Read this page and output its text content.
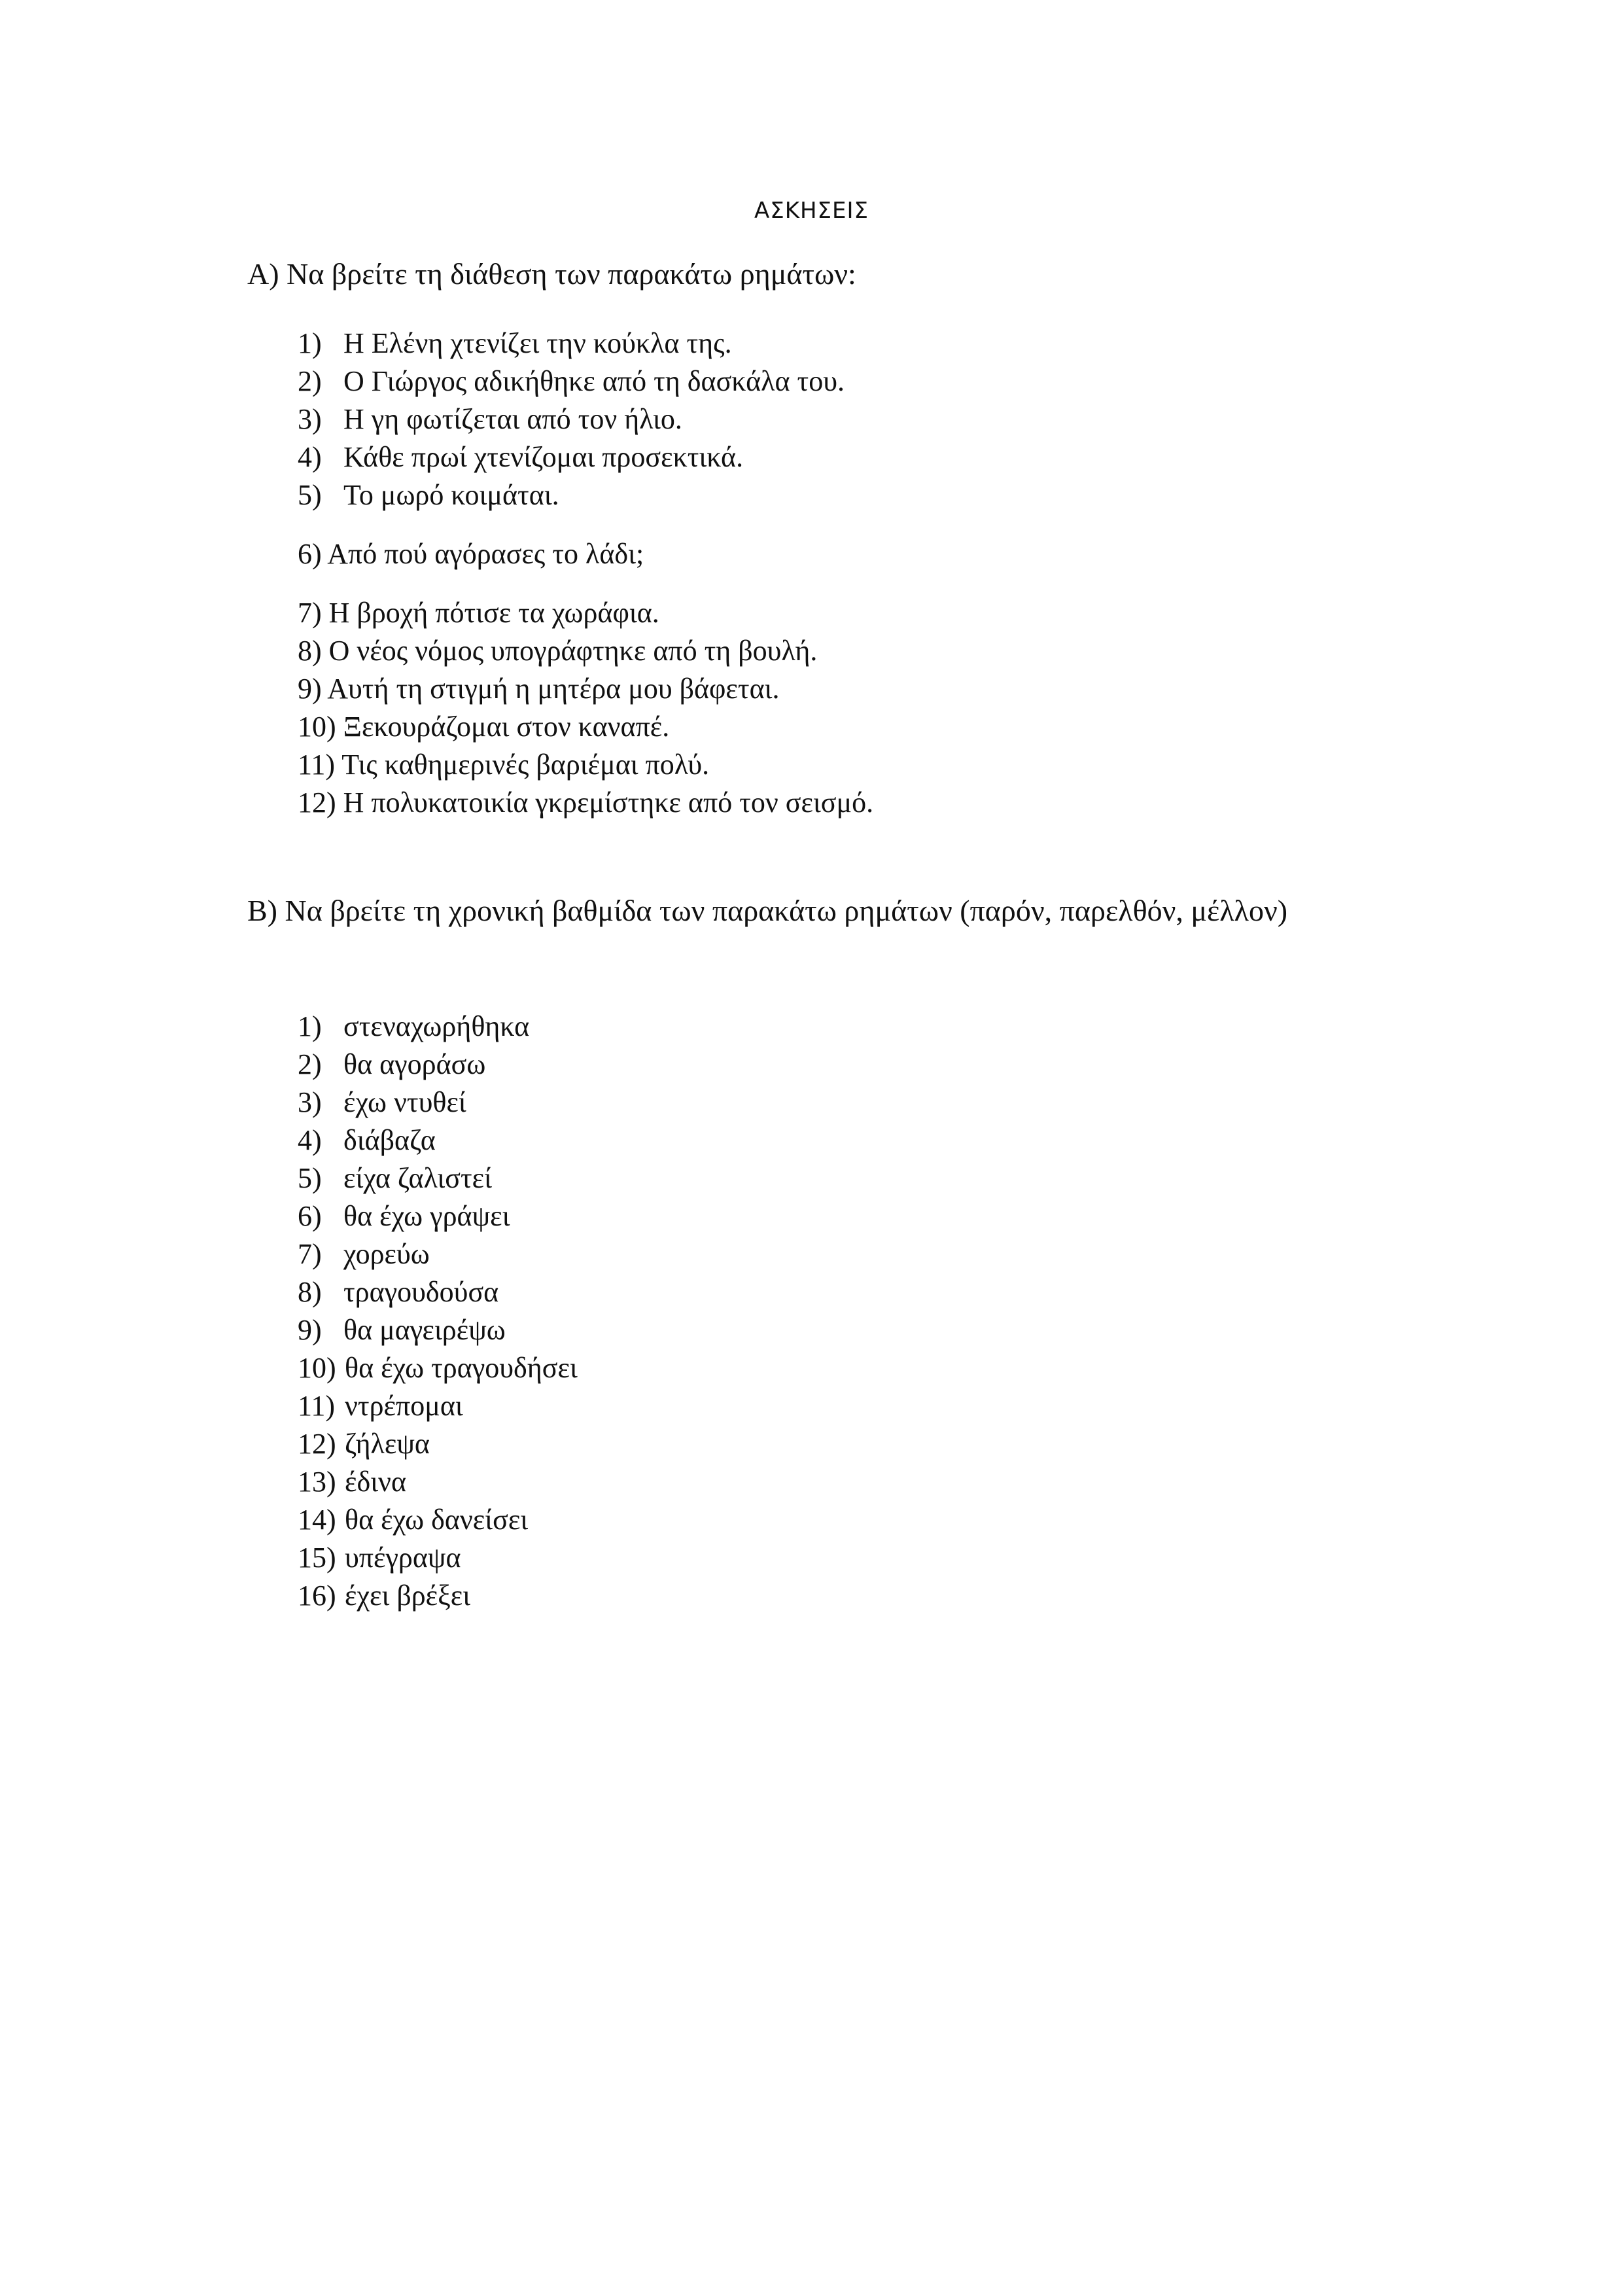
ΑΣΚΗΣΕΙΣ
Α) Να βρείτε τη διάθεση των παρακάτω ρημάτων:
1) Η Ελένη χτενίζει την κούκλα της.
2) Ο Γιώργος αδικήθηκε από τη δασκάλα του.
3) Η γη φωτίζεται από τον ήλιο.
4) Κάθε πρωί χτενίζομαι προσεκτικά.
5) Το μωρό κοιμάται.
6) Από πού αγόρασες το λάδι;
7) Η βροχή πότισε τα χωράφια.
8) Ο νέος νόμος υπογράφτηκε από τη βουλή.
9) Αυτή τη στιγμή η μητέρα μου βάφεται.
10) Ξεκουράζομαι στον καναπέ.
11) Τις καθημερινές βαριέμαι πολύ.
12) Η πολυκατοικία γκρεμίστηκε από τον σεισμό.
Β) Να βρείτε τη χρονική βαθμίδα των παρακάτω ρημάτων (παρόν, παρελθόν, μέλλον)
1) στεναχωρήθηκα
2) θα αγοράσω
3) έχω ντυθεί
4) διάβαζα
5) είχα ζαλιστεί
6) θα έχω γράψει
7) χορεύω
8) τραγουδούσα
9) θα μαγειρέψω
10) θα έχω τραγουδήσει
11) ντρέπομαι
12) ζήλεψα
13) έδινα
14) θα έχω δανείσει
15) υπέγραψα
16) έχει βρέξει
